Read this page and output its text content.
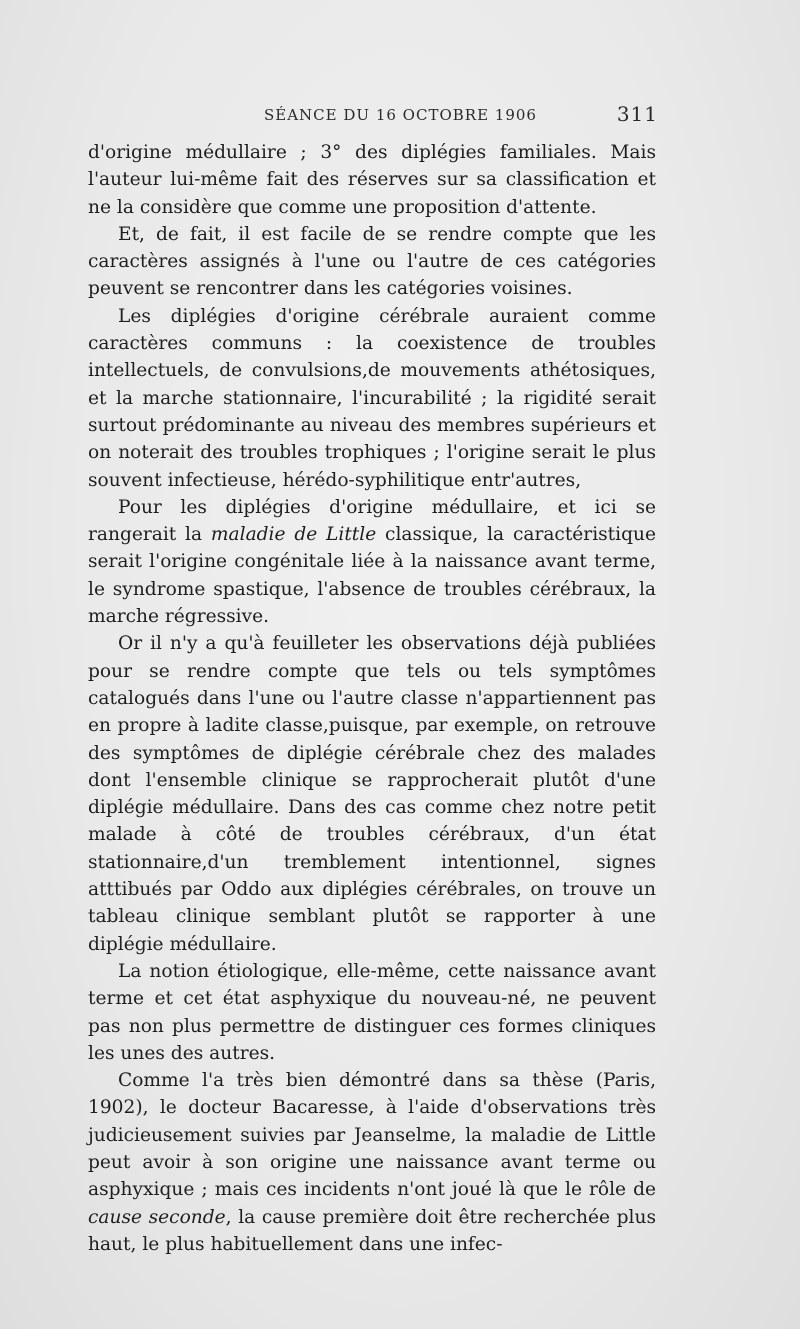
SÉANCE DU 16 OCTOBRE 1906	311

d'origine médullaire ; 3° des diplégies familiales. Mais l'auteur lui-même fait des réserves sur sa classification et ne la considère que comme une proposition d'attente.

Et, de fait, il est facile de se rendre compte que les caractères assignés à l'une ou l'autre de ces catégories peuvent se rencontrer dans les catégories voisines.

Les diplégies d'origine cérébrale auraient comme caractères communs : la coexistence de troubles intellectuels, de convulsions,de mouvements athétosiques, et la marche stationnaire, l'incurabilité ; la rigidité serait surtout prédominante au niveau des membres supérieurs et on noterait des troubles trophiques ; l'origine serait le plus souvent infectieuse, hérédo-syphilitique entr'autres,

Pour les diplégies d'origine médullaire, et ici se rangerait la maladie de Little classique, la caractéristique serait l'origine congénitale liée à la naissance avant terme, le syndrome spastique, l'absence de troubles cérébraux, la marche régressive.

Or il n'y a qu'à feuilleter les observations déjà publiées pour se rendre compte que tels ou tels symptômes catalogués dans l'une ou l'autre classe n'appartiennent pas en propre à ladite classe,puisque, par exemple, on retrouve des symptômes de diplégie cérébrale chez des malades dont l'ensemble clinique se rapprocherait plutôt d'une diplégie médullaire. Dans des cas comme chez notre petit malade à côté de troubles cérébraux, d'un état stationnaire,d'un tremblement intentionnel, signes atttibués par Oddo aux diplégies cérébrales, on trouve un tableau clinique semblant plutôt se rapporter à une diplégie médullaire.

La notion étiologique, elle-même, cette naissance avant terme et cet état asphyxique du nouveau-né, ne peuvent pas non plus permettre de distinguer ces formes cliniques les unes des autres.

Comme l'a très bien démontré dans sa thèse (Paris, 1902), le docteur Bacaresse, à l'aide d'observations très judicieusement suivies par Jeanselme, la maladie de Little peut avoir à son origine une naissance avant terme ou asphyxique ; mais ces incidents n'ont joué là que le rôle de cause seconde, la cause première doit être recherchée plus haut, le plus habituellement dans une infec-
